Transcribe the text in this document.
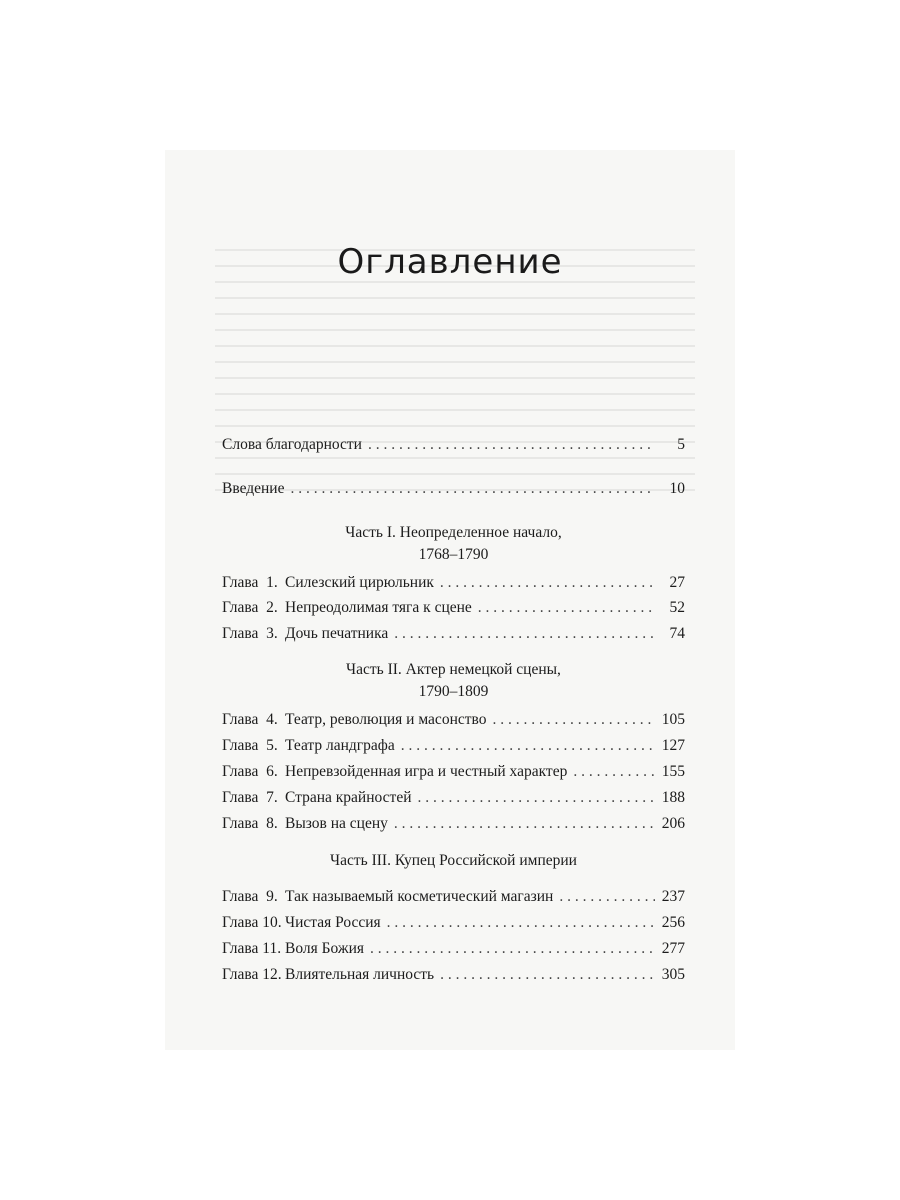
Оглавление
Слова благодарности . . .	5
Введение . . .	10
Часть I. Неопределенное начало,
1768–1790
Глава  1. Силезский цирюльник . . .	27
Глава  2. Непреодолимая тяга к сцене . . .	52
Глава  3. Дочь печатника . . .	74
Часть II. Актер немецкой сцены,
1790–1809
Глава  4. Театр, революция и масонство . . .	105
Глава  5. Театр ландграфа . . .	127
Глава  6. Непревзойденная игра и честный характер . . .	155
Глава  7. Страна крайностей . . .	188
Глава  8. Вызов на сцену . . .	206
Часть III. Купец Российской империи
Глава  9. Так называемый косметический магазин . . .	237
Глава 10. Чистая Россия . . .	256
Глава 11. Воля Божия . . .	277
Глава 12. Влиятельная личность . . .	305
